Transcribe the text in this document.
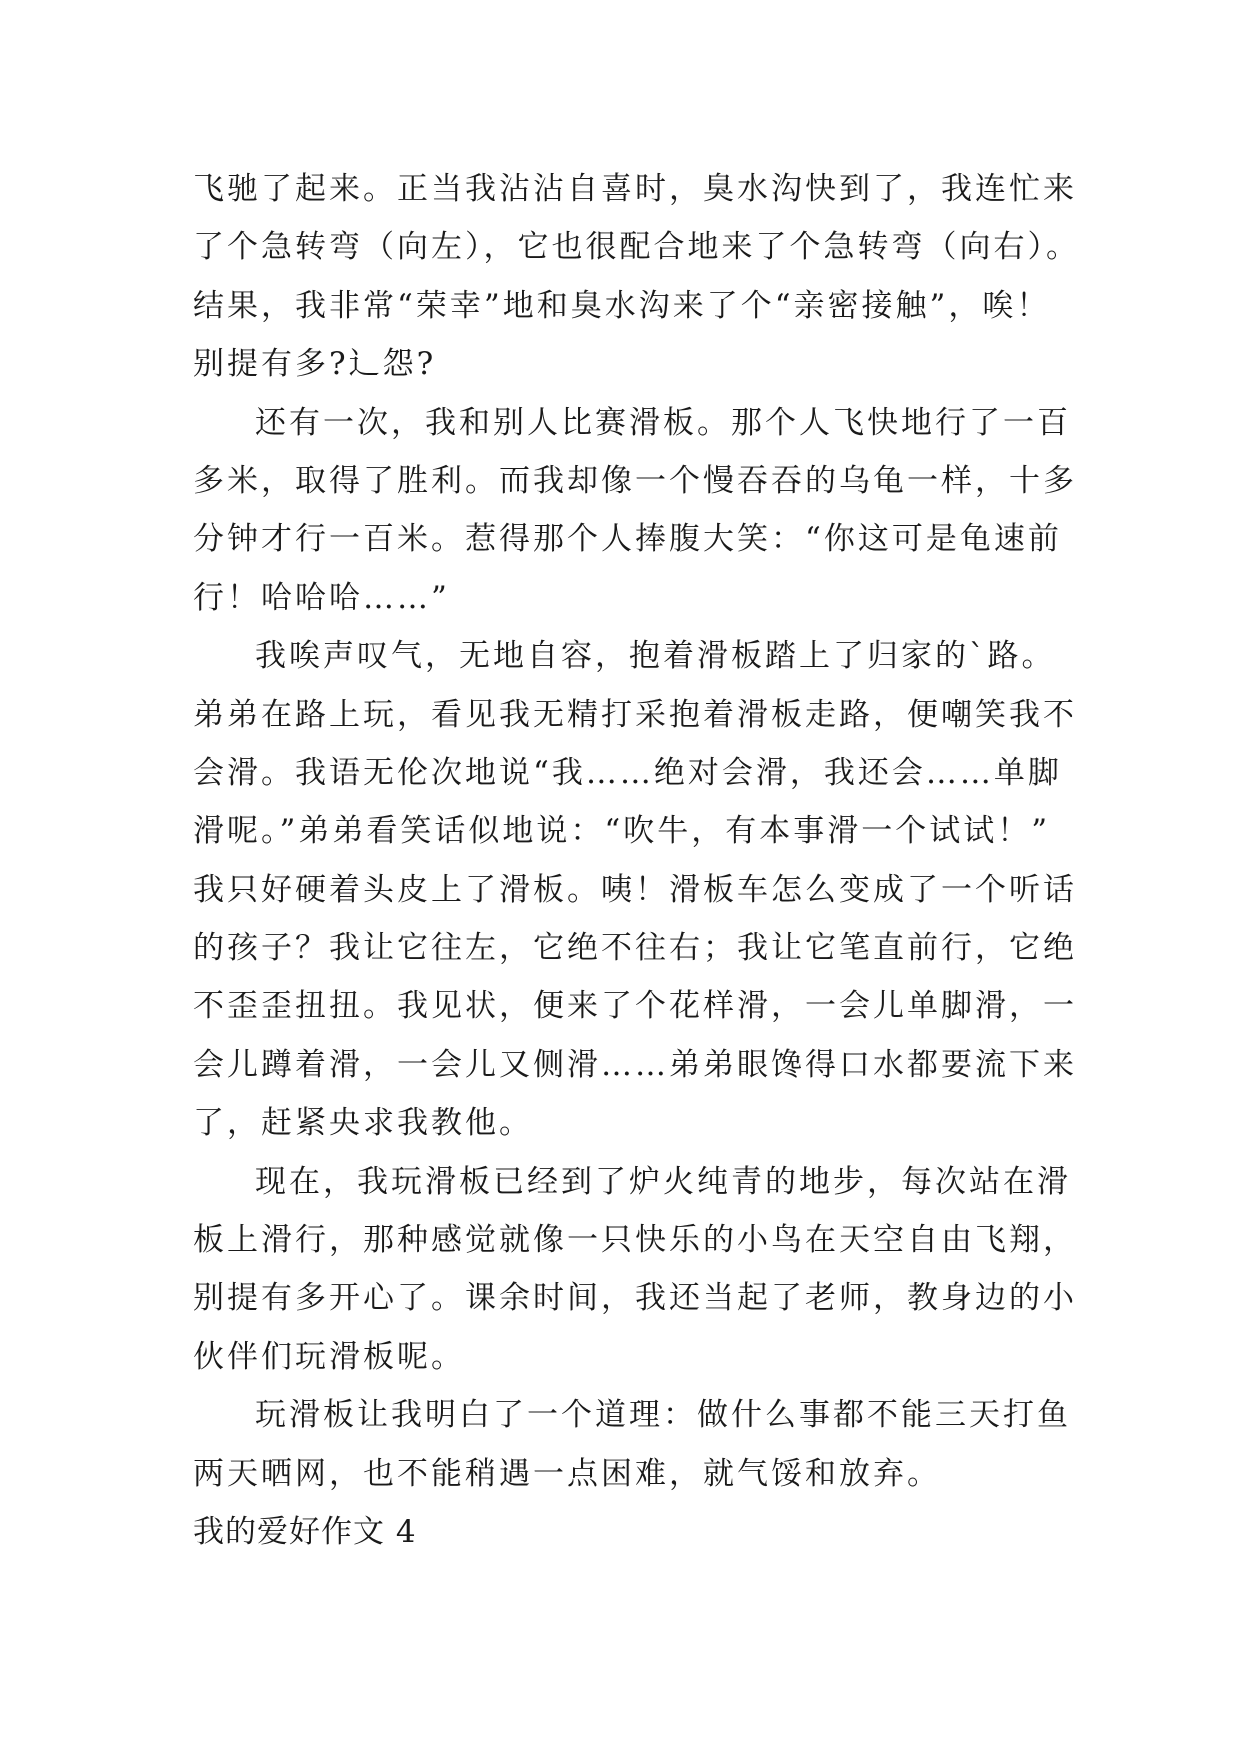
飞驰了起来。正当我沾沾自喜时，臭水沟快到了，我连忙来
了个急转弯（向左），它也很配合地来了个急转弯（向右）。
结果，我非常“荣幸”地和臭水沟来了个“亲密接触”，唉！
别提有多?辶怨?
还有一次，我和别人比赛滑板。那个人飞快地行了一百
多米，取得了胜利。而我却像一个慢吞吞的乌龟一样，十多
分钟才行一百米。惹得那个人捧腹大笑：“你这可是龟速前
行！哈哈哈……”
我唉声叹气，无地自容，抱着滑板踏上了归家的`路。
弟弟在路上玩，看见我无精打采抱着滑板走路，便嘲笑我不
会滑。我语无伦次地说“我……绝对会滑，我还会……单脚
滑呢。”弟弟看笑话似地说：“吹牛，有本事滑一个试试！”
我只好硬着头皮上了滑板。咦！滑板车怎么变成了一个听话
的孩子？我让它往左，它绝不往右；我让它笔直前行，它绝
不歪歪扭扭。我见状，便来了个花样滑，一会儿单脚滑，一
会儿蹲着滑，一会儿又侧滑……弟弟眼馋得口水都要流下来
了，赶紧央求我教他。
现在，我玩滑板已经到了炉火纯青的地步，每次站在滑
板上滑行，那种感觉就像一只快乐的小鸟在天空自由飞翔，
别提有多开心了。课余时间，我还当起了老师，教身边的小
伙伴们玩滑板呢。
玩滑板让我明白了一个道理：做什么事都不能三天打鱼
两天晒网，也不能稍遇一点困难，就气馁和放弃。
我的爱好作文 4
